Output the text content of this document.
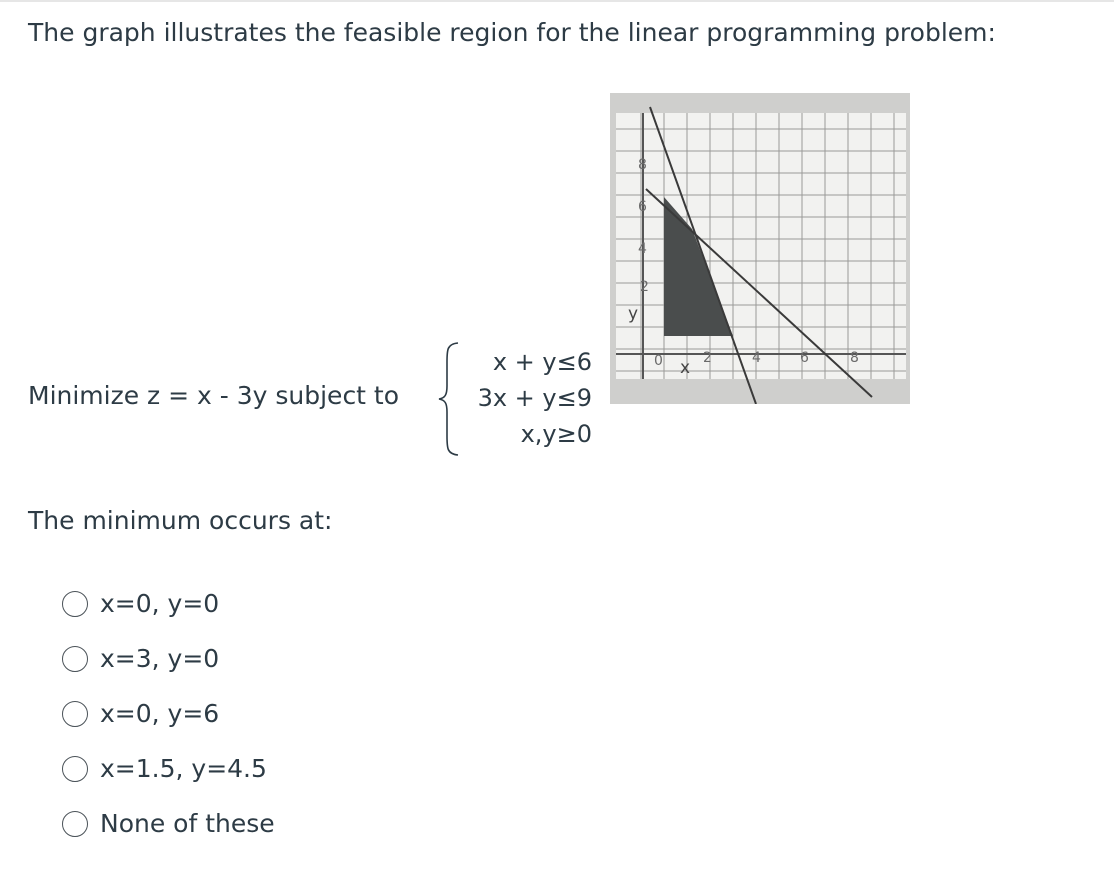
The graph illustrates the feasible region for the linear programming problem:
8
6
4
2
y
0 x 2	4	6	8
Minimize z = x - 3y subject to
x + y≤6
3x + y≤9
x,y≥0
The minimum occurs at:
x=0, y=0
x=3, y=0
x=0, y=6
x=1.5, y=4.5
None of these
